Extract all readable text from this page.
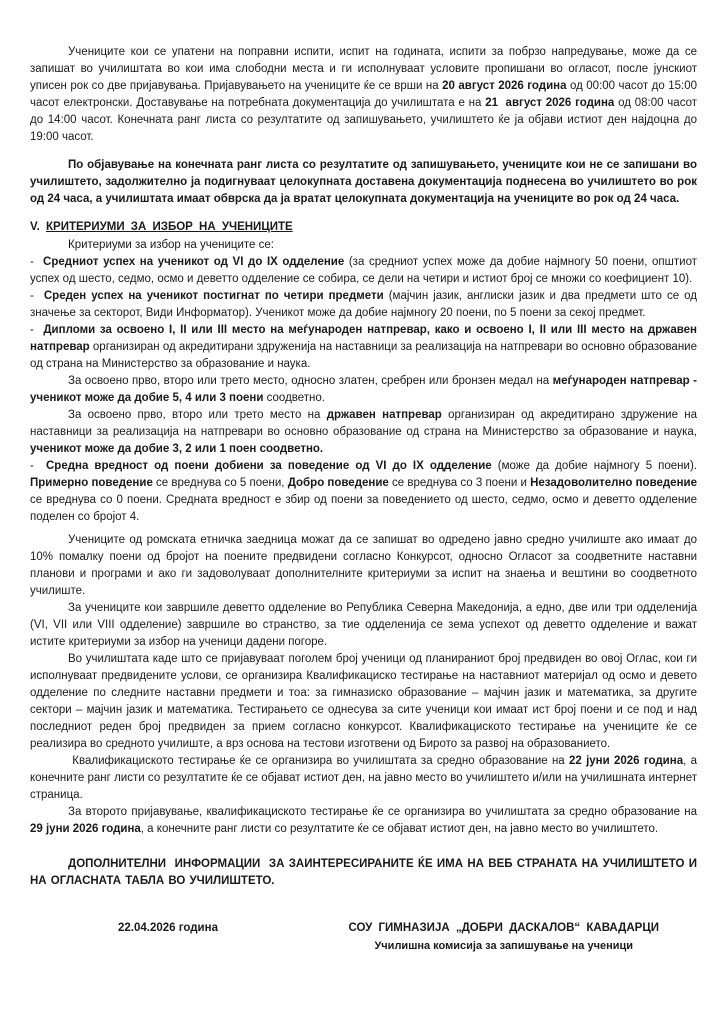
Учениците кои се упатени на поправни испити, испит на годината, испити за побрзо напредување, може да се запишат во училиштата во кои има слободни места и ги исполнуваат условите пропишани во огласот, после јунскиот уписен рок со две пријавувања. Пријавувањето на учениците ќе се врши на 20 август 2026 година од 00:00 часот до 15:00 часот електронски. Доставување на потребната документација до училиштата е на 21  август 2026 година од 08:00 часот до 14:00 часот. Конечната ранг листа со резултатите од запишувањето, училиштето ќе ја објави истиот ден најдоцна до 19:00 часот.

По објавување на конечната ранг листа со резултатите од запишувањето, учениците кои не се запишани во училиштето, задолжително ја подигнуваат целокупната доставена документација поднесена во училиштето во рок од 24 часа, а училиштата имаат обврска да ја вратат целокупната документација на учениците во рок од 24 часа.

V. КРИТЕРИУМИ ЗА ИЗБОР НА УЧЕНИЦИТЕ

Критериуми за избор на учениците се:

-  Средниот успех на ученикот од VI до IX одделение (за средниот успех може да добие најмногу 50 поени, општиот успех од шесто, седмо, осмо и деветто одделение се собира, се дели на четири и истиот број се множи со коефициент 10).

-  Среден успех на ученикот постигнат по четири предмети (мајчин јазик, англиски јазик и два предмети што се од значење за секторот, Види Информатор). Ученикот може да добие најмногу 20 поени, по 5 поени за секој предмет.

-  Дипломи за освоено I, II или III место на меѓународен натпревар, како и освоено I, II или III место на државен натпревар организиран од акредитирани здруженија на наставници за реализација на натпревари во основно образование од страна на Министерство за образование и наука.

За освоено прво, второ или трето место, односно златен, сребрен или бронзен медал на меѓународен натпревар - ученикот може да добие 5, 4 или 3 поени соодветно.

За освоено прво, второ или трето место на државен натпревар организиран од акредитирано здружение на наставници за реализација на натпревари во основно образование од страна на Министерство за образование и наука, ученикот може да добие 3, 2 или 1 поен соодветно.

-  Средна вредност од поени добиени за поведение од VI до IX одделение (може да добие најмногу 5 поени). Примерно поведение се вреднува со 5 поени, Добро поведение се вреднува со 3 поени и Незадоволително поведение се вреднува со 0 поени. Средната вредност е збир од поени за поведението од шесто, седмо, осмо и деветто одделение поделен со бројот 4.

Учениците од ромската етничка заедница можат да се запишат во одредено јавно средно училиште ако имаат до 10% помалку поени од бројот на поените предвидени согласно Конкурсот, односно Огласот за соодветните наставни планови и програми и ако ги задоволуваат дополнителните критериуми за испит на знаења и вештини во соодветното училиште.

За учениците кои завршиле деветто одделение во Република Северна Македонија, а едно, две или три одделенија (VI, VII или VIII одделение) завршиле во странство, за тие одделенија се зема успехот од деветто одделение и важат истите критериуми за избор на ученици дадени погоре.

Во училиштата каде што се пријавуваат поголем број ученици од планираниот број предвиден во овој Оглас, кои ги исполнуваат предвидените услови, се организира Квалификациско тестирање на наставниот материјал од осмо и девето одделение по следните наставни предмети и тоа: за гимназиско образование – мајчин јазик и математика, за другите сектори – мајчин јазик и математика. Тестирањето се однесува за сите ученици кои имаат ист број поени и се под и над последниот реден број предвиден за прием согласно конкурсот. Квалификациското тестирање на учениците ќе се реализира во средното училиште, а врз основа на тестови изготвени од Бирото за развој на образованието.

Квалификациското тестирање ќе се организира во училиштата за средно образование на 22 јуни 2026 година, а конечните ранг листи со резултатите ќе се објават истиот ден, на јавно место во училиштето и/или на училишната интернет страница.

За второто пријавување, квалификациското тестирање ќе се организира во училиштата за средно образование на 29 јуни 2026 година, а конечните ранг листи со резултатите ќе се објават истиот ден, на јавно место во училиштето.

ДОПОЛНИТЕЛНИ  ИНФОРМАЦИИ  ЗА ЗАИНТЕРЕСИРАНИТЕ ЌЕ ИМА НА ВЕБ СТРАНАТА НА УЧИЛИШТЕТО И НА ОГЛАСНАТА ТАБЛА ВО УЧИЛИШТЕТО.

22.04.2026 година	СОУ ГИМНАЗИЈА „ДОБРИ ДАСКАЛОВ“ КАВАДАРЦИ
Училишна комисија за запишување на ученици
